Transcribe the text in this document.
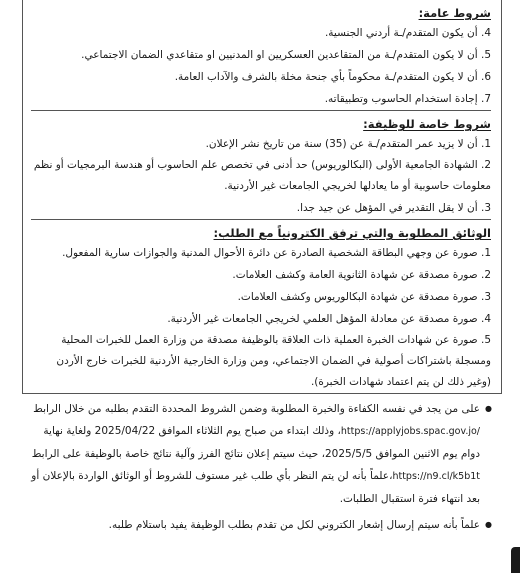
شروط عامة:
4. أن يكون المتقدم/ـة أردني الجنسية.
5. أن لا يكون المتقدم/ـة من المتقاعدين العسكريين او المدنيين او متقاعدي الضمان الاجتماعي.
6. أن لا يكون المتقدم/ـة محكوماً بأي جنحة مخلة بالشرف والآداب العامة.
7. إجادة استخدام الحاسوب وتطبيقاته.
شروط خاصة للوظيفة:
1. أن لا يزيد عمر المتقدم/ـة عن (35) سنة من تاريخ نشر الإعلان.
2. الشهادة الجامعية الأولى (البكالوريوس) حد أدنى في تخصص علم الحاسوب أو هندسة البرمجيات أو نظم معلومات حاسوبية أو ما يعادلها لخريجي الجامعات غير الأردنية.
3. أن لا يقل التقدير في المؤهل عن جيد جدا.
الوثائق المطلوبة والتي ترفق الكترونياً مع الطلب:
1. صورة عن وجهي البطاقة الشخصية الصادرة عن دائرة الأحوال المدنية والجوازات سارية المفعول.
2. صورة مصدقة عن شهادة الثانوية العامة وكشف العلامات.
3. صورة مصدقة عن شهادة البكالوريوس وكشف العلامات.
4. صورة مصدقة عن معادلة المؤهل العلمي لخريجي الجامعات غير الأردنية.
5. صورة عن شهادات الخبرة العملية ذات العلاقة بالوظيفة مصدقة من وزارة العمل للخبرات المحلية ومسجلة باشتراكات أصولية في الضمان الاجتماعي، ومن وزارة الخارجية الأردنية للخبرات خارج الأردن (وغير ذلك لن يتم اعتماد شهادات الخبرة).
● على من يجد في نفسه الكفاءة والخبرة المطلوبة وضمن الشروط المحددة التقدم بطلبه من خلال الرابط https://applyjobs.spac.gov.jo/، وذلك ابتداء من صباح يوم الثلاثاء الموافق 2025/04/22 ولغاية نهاية دوام يوم الاثنين الموافق 2025/5/5، حيث سيتم إعلان نتائج الفرز وآلية نتائج خاصة بالوظيفة على الرابط https://n9.cl/k5b1t،علماً بأنه لن يتم النظر بأي طلب غير مستوف للشروط أو الوثائق الواردة بالإعلان أو بعد انتهاء فترة استقبال الطلبات.
● علماً بأنه سيتم إرسال إشعار الكتروني لكل من تقدم بطلب الوظيفة يفيد باستلام طلبه.
